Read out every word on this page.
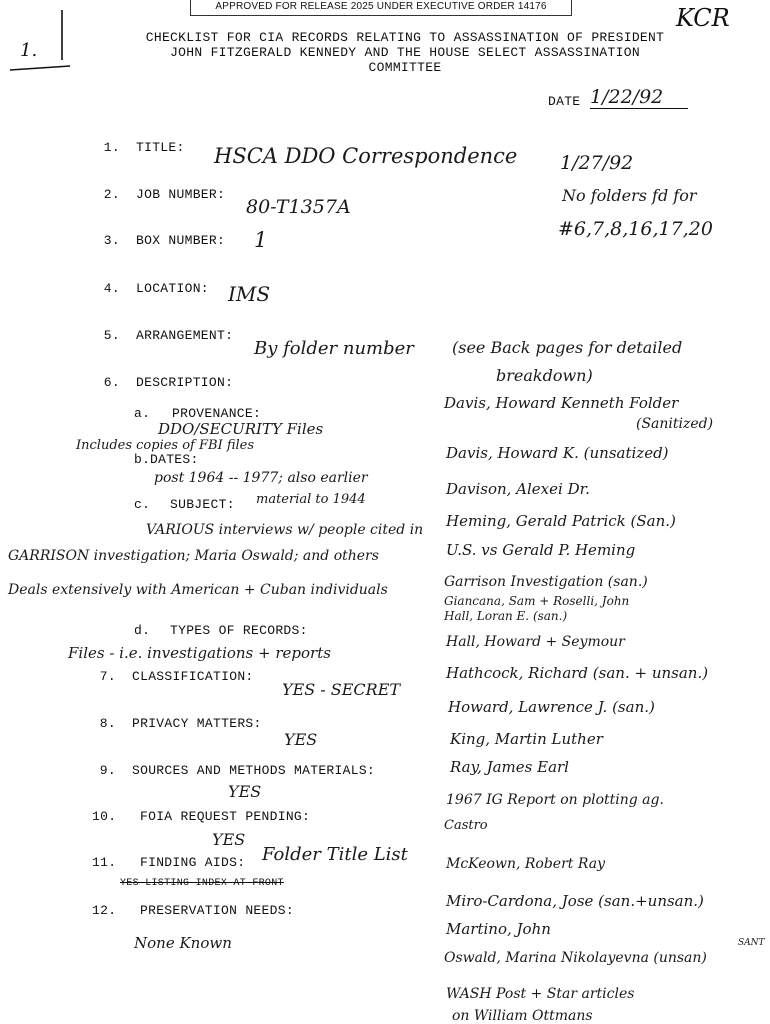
APPROVED FOR RELEASE 2025 UNDER EXECUTIVE ORDER 14176	KCR
1.
CHECKLIST FOR CIA RECORDS RELATING TO ASSASSINATION OF PRESIDENT
JOHN FITZGERALD KENNEDY AND THE HOUSE SELECT ASSASSINATION
COMMITTEE
DATE 1/22/92
1. TITLE: HSCA DDO Correspondence
2. JOB NUMBER:
80-T1357A
3. BOX NUMBER: 1
4. LOCATION: IMS
5. ARRANGEMENT:
By folder number (see Back pages for detailed
breakdown)
6. DESCRIPTION:
a. PROVENANCE:
DDO/SECURITY Files
Includes copies of FBI files
b. DATES:
post 1964 -- 1977; also earlier
material to 1944
c. SUBJECT:
VARIOUS interviews w/ people cited in
GARRISON investigation; Maria Oswald; and others
Deals extensively with American + Cuban individuals
d. TYPES OF RECORDS:
Files - i.e. investigations + reports
7. CLASSIFICATION:
YES - SECRET
8. PRIVACY MATTERS:
YES
9. SOURCES AND METHODS MATERIALS:
YES
10. FOIA REQUEST PENDING:
YES
11. FINDING AIDS: Folder Title List
YES LISTING INDEX AT FRONT
12. PRESERVATION NEEDS:
None Known
1/27/92
No folders fd for
#6,7,8,16,17,20
Davis, Howard Kenneth Folder
(Sanitized)
Davis, Howard K. (unsatized)
Davison, Alexei Dr.
Heming, Gerald Patrick (San.)
U.S. vs Gerald P. Heming
Garrison Investigation (san.)
Giancana, Sam + Roselli, John
Hall, Loran E. (san.)
Hall, Howard + Seymour
Hathcock, Richard (san. + unsan.)
Howard, Lawrence J. (san.)
King, Martin Luther
Ray, James Earl
1967 IG Report on plotting ag.
Castro
McKeown, Robert Ray
Miro-Cardona, Jose (san.+unsan.)
Martino, John
Oswald, Marina Nikolayevna (unsan)
SANT
WASH Post + Star articles
on William Ottmans
